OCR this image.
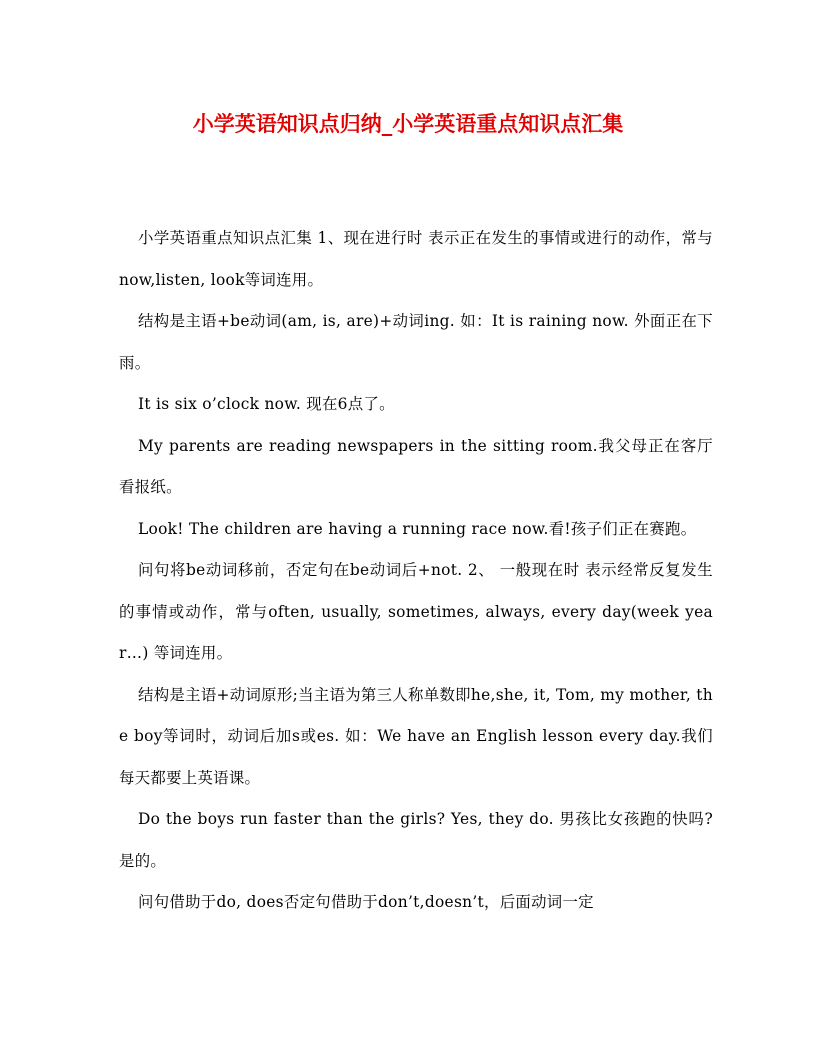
小学英语知识点归纳_小学英语重点知识点汇集

小学英语重点知识点汇集 1、现在进行时 表示正在发生的事情或进行的动作，常与now,listen, look等词连用。

结构是主语+be动词(am, is, are)+动词ing. 如：It is raining now. 外面正在下雨。

It is six o’clock now. 现在6点了。

My parents are reading newspapers in the sitting room.我父母正在客厅看报纸。

Look! The children are having a running race now.看!孩子们正在赛跑。

问句将be动词移前，否定句在be动词后+not. 2、 一般现在时 表示经常反复发生的事情或动作，常与often, usually, sometimes, always, every day(week year…) 等词连用。

结构是主语+动词原形;当主语为第三人称单数即he,she, it, Tom, my mother, the boy等词时，动词后加s或es. 如：We have an English lesson every day.我们每天都要上英语课。

Do the boys run faster than the girls? Yes, they do. 男孩比女孩跑的快吗?是的。

问句借助于do, does否定句借助于don’t,doesn’t，后面动词一定
